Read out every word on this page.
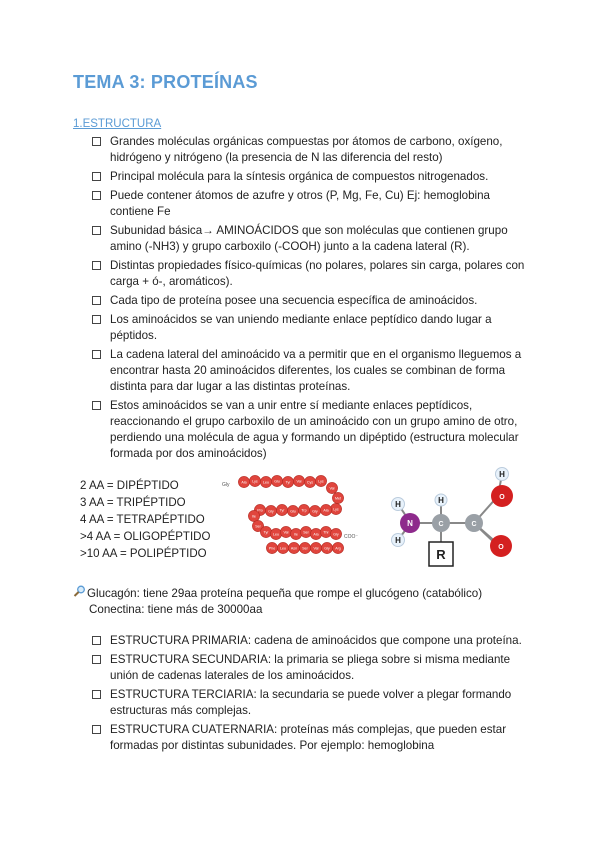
TEMA 3: PROTEÍNAS
1.ESTRUCTURA
Grandes moléculas orgánicas compuestas por átomos de carbono, oxígeno, hidrógeno y nitrógeno (la presencia de N las diferencia del resto)
Principal molécula para la síntesis orgánica de compuestos nitrogenados.
Puede contener átomos de azufre y otros (P, Mg, Fe, Cu) Ej: hemoglobina contiene Fe
Subunidad básica→ AMINOÁCIDOS que son moléculas que contienen grupo amino (-NH3) y grupo carboxilo (-COOH) junto a la cadena lateral (R).
Distintas propiedades físico-químicas (no polares, polares sin carga, polares con carga + ó-, aromáticos).
Cada tipo de proteína posee una secuencia específica de aminoácidos.
Los aminoácidos se van uniendo mediante enlace peptídico dando lugar a péptidos.
La cadena lateral del aminoácido va a permitir que en el organismo lleguemos a encontrar hasta 20 aminoácidos diferentes, los cuales se combinan de forma distinta para dar lugar a las distintas proteínas.
Estos aminoácidos se van a unir entre sí mediante enlaces peptídicos, reaccionando el grupo carboxilo de un aminoácido con un grupo amino de otro, perdiendo una molécula de agua y formando un dipéptido (estructura molecular formada por dos aminoácidos)
2 AA = DIPÉPTIDO
3 AA = TRIPÉPTIDO
4 AA = TETRAPÉPTIDO
>4 AA = OLIGOPÉPTIDO
>10 AA = POLIPÉPTIDO
Gly
COO⁻
Ala Lys Leu Glu Tyr Val Cys Lys
Val
Met
Lys
Ala
Gly
Trp
Glu
Tyr
Gly
Pro
Ile
Ser
Tyr Leu Val Ile Ser Ala Thr Gly
Phe Leu Asn Ser Val Gly Arg
H
H
N
H
C
R
C
H
O
O
Glucagón: tiene 29aa proteína pequeña que rompe el glucógeno (catabólico)
Conectina: tiene más de 30000aa
ESTRUCTURA PRIMARIA: cadena de aminoácidos que compone una proteína.
ESTRUCTURA SECUNDARIA: la primaria se pliega sobre si misma mediante unión de cadenas laterales de los aminoácidos.
ESTRUCTURA TERCIARIA: la secundaria se puede volver a plegar formando estructuras más complejas.
ESTRUCTURA CUATERNARIA: proteínas más complejas, que pueden estar formadas por distintas subunidades. Por ejemplo: hemoglobina
